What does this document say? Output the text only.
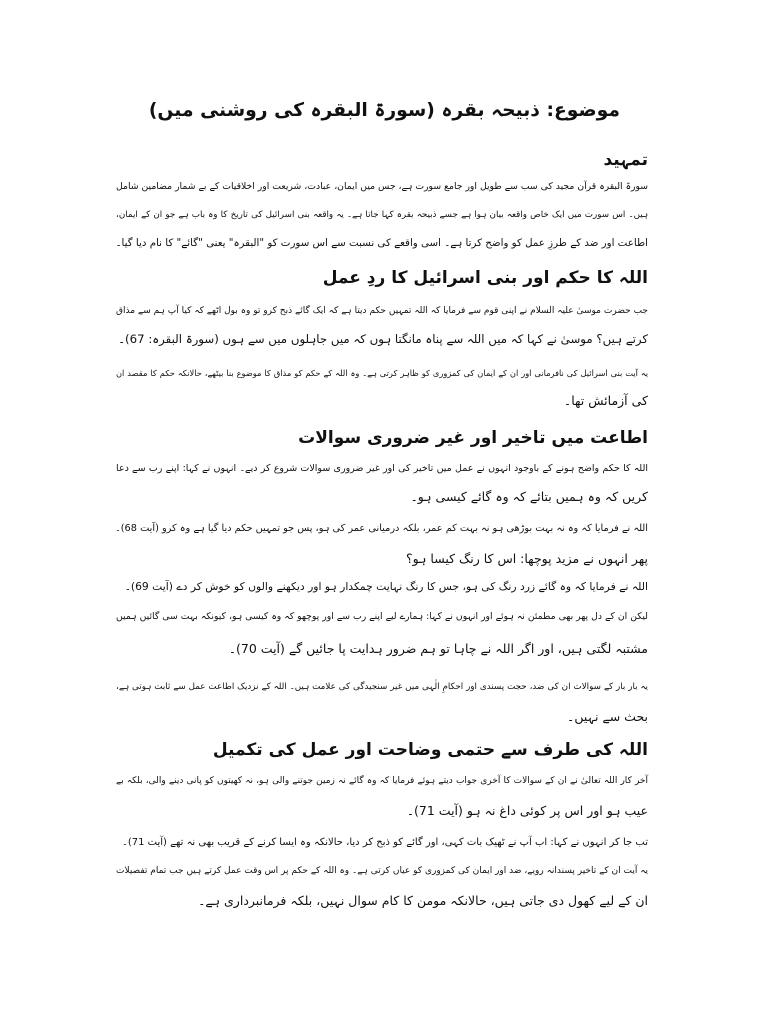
موضوع: ذبیحہ بقرہ (سورۃ البقرہ کی روشنی میں)
تمہید
سورۃ البقرہ قرآن مجید کی سب سے طویل اور جامع سورت ہے، جس میں ایمان، عبادت، شریعت اور اخلاقیات کے بے شمار مضامین شامل
ہیں۔ اس سورت میں ایک خاص واقعہ بیان ہوا ہے جسے ذبیحہ بقرہ کہا جاتا ہے۔ یہ واقعہ بنی اسرائیل کی تاریخ کا وہ باب ہے جو ان کے ایمان،
اطاعت اور ضد کے طرزِ عمل کو واضح کرتا ہے۔ اسی واقعے کی نسبت سے اس سورت کو "البقرہ" یعنی "گائے" کا نام دیا گیا۔
اللہ کا حکم اور بنی اسرائیل کا ردِ عمل
جب حضرت موسیٰ علیہ السلام نے اپنی قوم سے فرمایا کہ اللہ تمہیں حکم دیتا ہے کہ ایک گائے ذبح کرو تو وہ بول اٹھے کہ کیا آپ ہم سے مذاق
کرتے ہیں؟ موسیٰ نے کہا کہ میں اللہ سے پناہ مانگتا ہوں کہ میں جاہلوں میں سے ہوں (سورۃ البقرہ: 67)۔
یہ آیت بنی اسرائیل کی نافرمانی اور ان کے ایمان کی کمزوری کو ظاہر کرتی ہے۔ وہ اللہ کے حکم کو مذاق کا موضوع بنا بیٹھے، حالانکہ حکم کا مقصد ان
کی آزمائش تھا۔
اطاعت میں تاخیر اور غیر ضروری سوالات
اللہ کا حکم واضح ہونے کے باوجود انہوں نے عمل میں تاخیر کی اور غیر ضروری سوالات شروع کر دیے۔ انہوں نے کہا: اپنے رب سے دعا
کریں کہ وہ ہمیں بتائے کہ وہ گائے کیسی ہو۔
اللہ نے فرمایا کہ وہ نہ بہت بوڑھی ہو نہ بہت کم عمر، بلکہ درمیانی عمر کی ہو، پس جو تمہیں حکم دیا گیا ہے وہ کرو (آیت 68)۔
پھر انہوں نے مزید پوچھا: اس کا رنگ کیسا ہو؟
اللہ نے فرمایا کہ وہ گائے زرد رنگ کی ہو، جس کا رنگ نہایت چمکدار ہو اور دیکھنے والوں کو خوش کر دے (آیت 69)۔
لیکن ان کے دل پھر بھی مطمئن نہ ہوئے اور انہوں نے کہا: ہمارے لیے اپنے رب سے اور پوچھو کہ وہ کیسی ہو، کیونکہ بہت سی گائیں ہمیں
مشتبہ لگتی ہیں، اور اگر اللہ نے چاہا تو ہم ضرور ہدایت پا جائیں گے (آیت 70)۔
یہ بار بار کے سوالات ان کی ضد، حجت پسندی اور احکامِ الٰہی میں غیر سنجیدگی کی علامت ہیں۔ اللہ کے نزدیک اطاعت عمل سے ثابت ہوتی ہے،
بحث سے نہیں۔
اللہ کی طرف سے حتمی وضاحت اور عمل کی تکمیل
آخر کار اللہ تعالیٰ نے ان کے سوالات کا آخری جواب دیتے ہوئے فرمایا کہ وہ گائے نہ زمین جوتنے والی ہو، نہ کھیتوں کو پانی دینے والی، بلکہ بے
عیب ہو اور اس پر کوئی داغ نہ ہو (آیت 71)۔
تب جا کر انہوں نے کہا: اب آپ نے ٹھیک بات کہی، اور گائے کو ذبح کر دیا، حالانکہ وہ ایسا کرنے کے قریب بھی نہ تھے (آیت 71)۔
یہ آیت ان کے تاخیر پسندانہ رویے، ضد اور ایمان کی کمزوری کو عیاں کرتی ہے۔ وہ اللہ کے حکم پر اس وقت عمل کرتے ہیں جب تمام تفصیلات
ان کے لیے کھول دی جاتی ہیں، حالانکہ مومن کا کام سوال نہیں، بلکہ فرمانبرداری ہے۔
